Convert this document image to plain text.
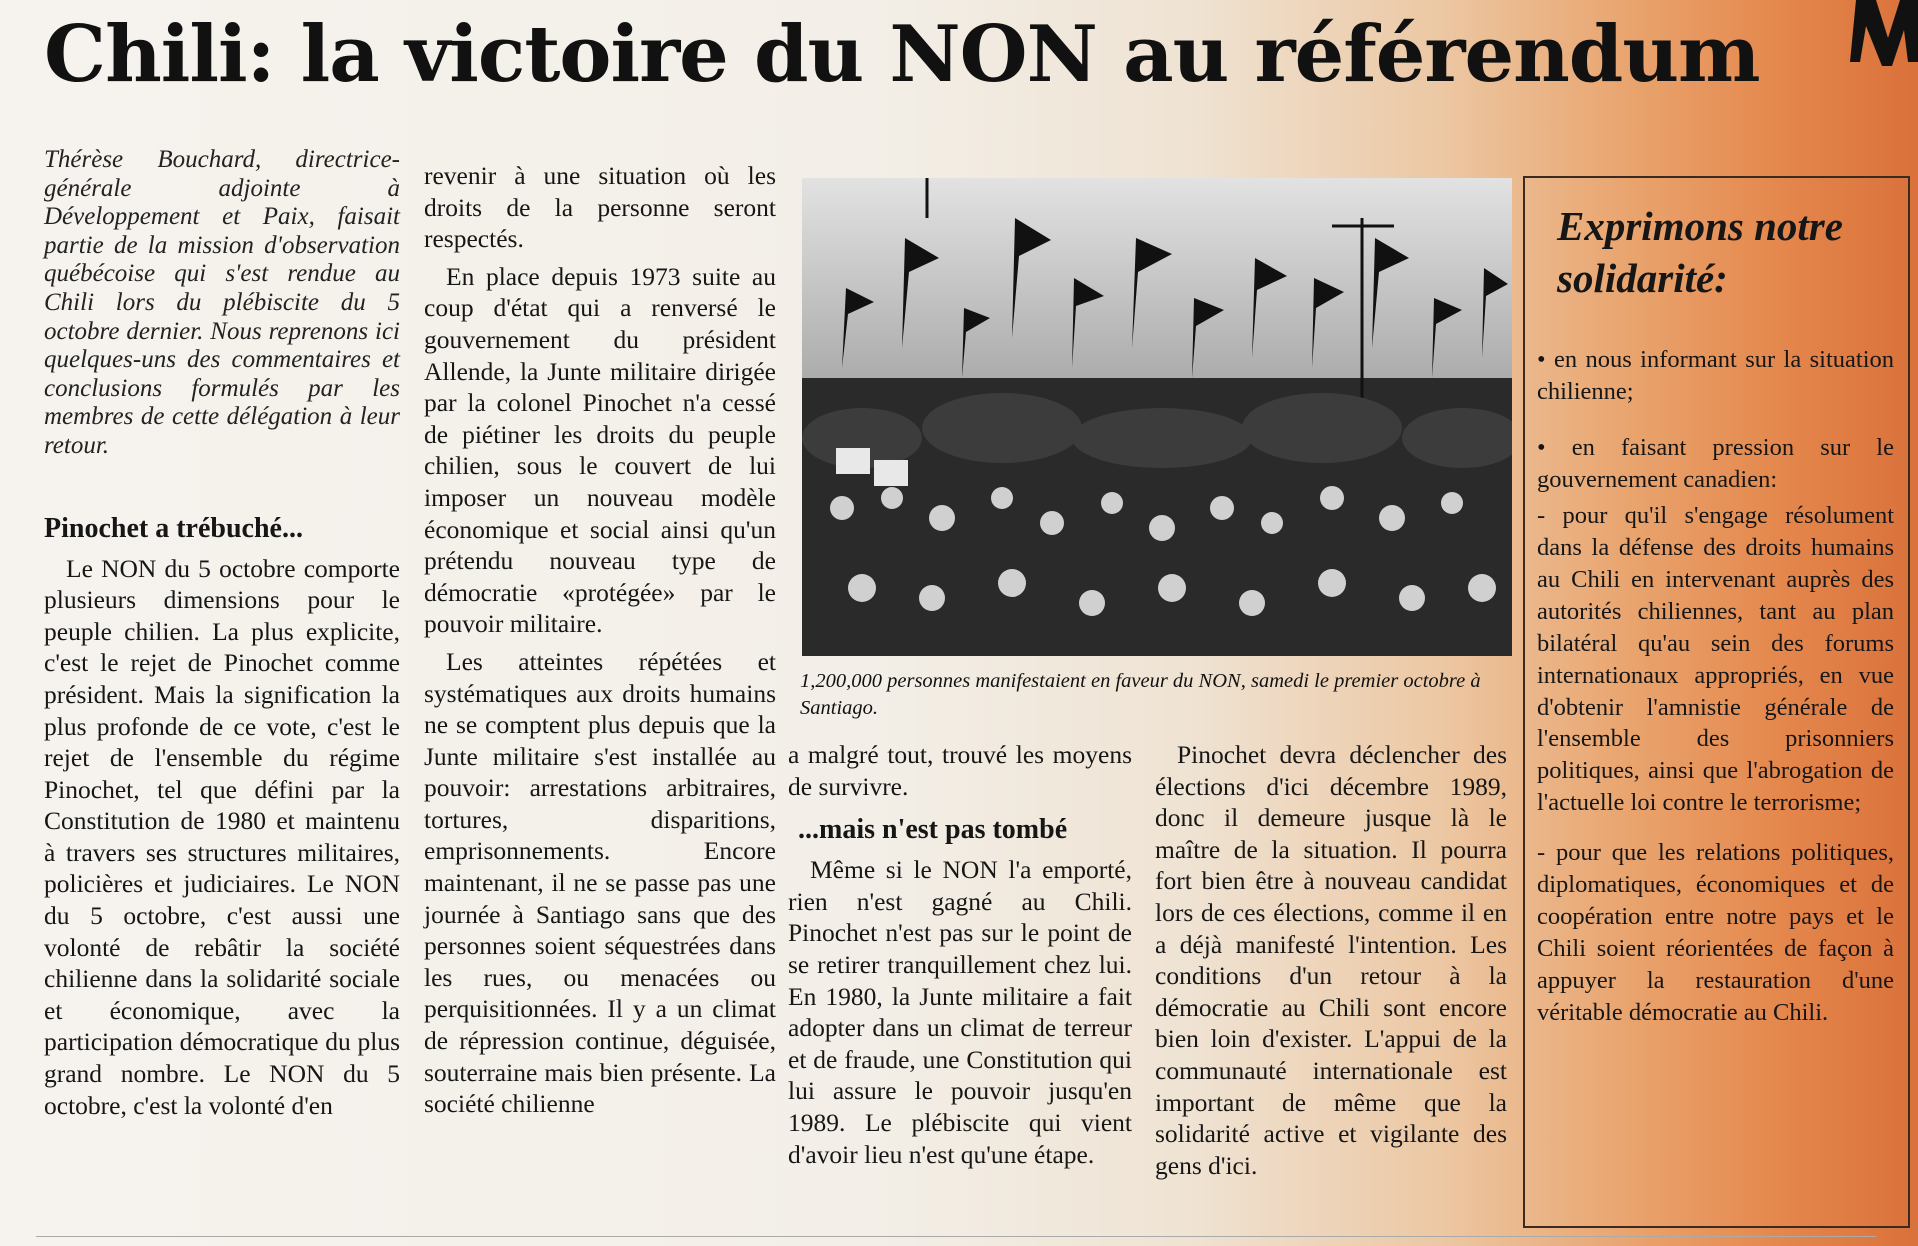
Chili: la victoire du NON au référendum

Thérèse Bouchard, directrice-générale adjointe à Développement et Paix, faisait partie de la mission d'observation québécoise qui s'est rendue au Chili lors du plébiscite du 5 octobre dernier. Nous reprenons ici quelques-uns des commentaires et conclusions formulés par les membres de cette délégation à leur retour.

Pinochet a trébuché...

Le NON du 5 octobre comporte plusieurs dimensions pour le peuple chilien. La plus explicite, c'est le rejet de Pinochet comme président. Mais la signification la plus profonde de ce vote, c'est le rejet de l'ensemble du régime Pinochet, tel que défini par la Constitution de 1980 et maintenu à travers ses structures militaires, policières et judiciaires. Le NON du 5 octobre, c'est aussi une volonté de rebâtir la société chilienne dans la solidarité sociale et économique, avec la participation démocratique du plus grand nombre. Le NON du 5 octobre, c'est la volonté d'en

revenir à une situation où les droits de la personne seront respectés.

En place depuis 1973 suite au coup d'état qui a renversé le gouvernement du président Allende, la Junte militaire dirigée par la colonel Pinochet n'a cessé de piétiner les droits du peuple chilien, sous le couvert de lui imposer un nouveau modèle économique et social ainsi qu'un prétendu nouveau type de démocratie «protégée» par le pouvoir militaire.

Les atteintes répétées et systématiques aux droits humains ne se comptent plus depuis que la Junte militaire s'est installée au pouvoir: arrestations arbitraires, tortures, disparitions, emprisonnements. Encore maintenant, il ne se passe pas une journée à Santiago sans que des personnes soient séquestrées dans les rues, ou menacées ou perquisitionnées. Il y a un climat de répression continue, déguisée, souterraine mais bien présente. La société chilienne

1,200,000 personnes manifestaient en faveur du NON, samedi le premier octobre à Santiago.

a malgré tout, trouvé les moyens de survivre.

...mais n'est pas tombé

Même si le NON l'a emporté, rien n'est gagné au Chili. Pinochet n'est pas sur le point de se retirer tranquillement chez lui. En 1980, la Junte militaire a fait adopter dans un climat de terreur et de fraude, une Constitution qui lui assure le pouvoir jusqu'en 1989. Le plébiscite qui vient d'avoir lieu n'est qu'une étape.

Pinochet devra déclencher des élections d'ici décembre 1989, donc il demeure jusque là le maître de la situation. Il pourra fort bien être à nouveau candidat lors de ces élections, comme il en a déjà manifesté l'intention. Les conditions d'un retour à la démocratie au Chili sont encore bien loin d'exister. L'appui de la communauté internationale est important de même que la solidarité active et vigilante des gens d'ici.

Exprimons notre solidarité:

• en nous informant sur la situation chilienne;

• en faisant pression sur le gouvernement canadien:

- pour qu'il s'engage résolument dans la défense des droits humains au Chili en intervenant auprès des autorités chiliennes, tant au plan bilatéral qu'au sein des forums internationaux appropriés, en vue d'obtenir l'amnistie générale de l'ensemble des prisonniers politiques, ainsi que l'abrogation de l'actuelle loi contre le terrorisme;

- pour que les relations politiques, diplomatiques, économiques et de coopération entre notre pays et le Chili soient réorientées de façon à appuyer la restauration d'une véritable démocratie au Chili.
